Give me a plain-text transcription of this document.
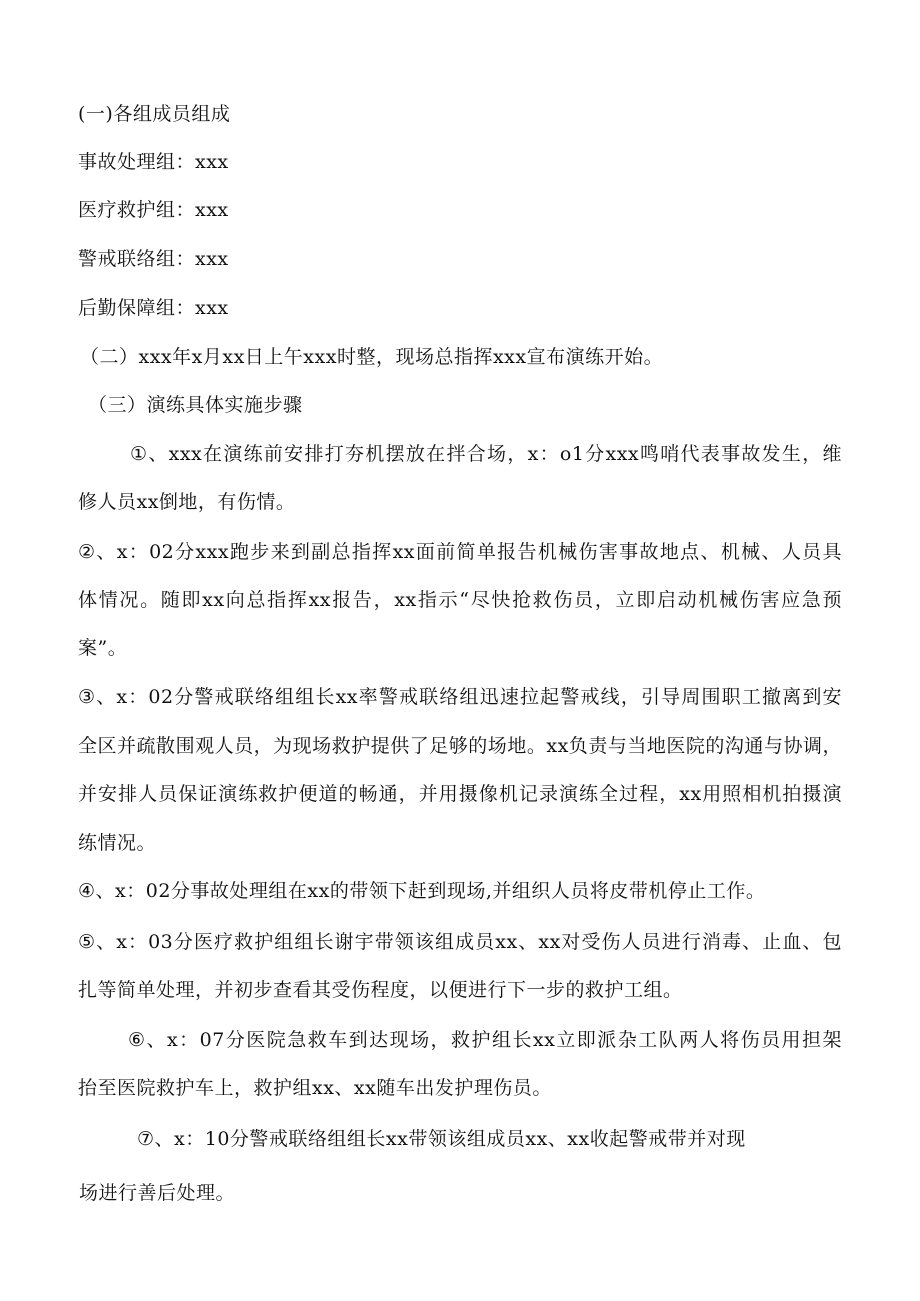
(一)各组成员组成
事故处理组：xxx
医疗救护组：xxx
警戒联络组：xxx
后勤保障组：xxx
（二）xxx年x月xx日上午xxx时整，现场总指挥xxx宣布演练开始。
（三）演练具体实施步骤
①、xxx在演练前安排打夯机摆放在拌合场，x：o1分xxx鸣哨代表事故发生，维
修人员xx倒地，有伤情。
②、x：02分xxx跑步来到副总指挥xx面前简单报告机械伤害事故地点、机械、人员具
体情况。随即xx向总指挥xx报告，xx指示“尽快抢救伤员，立即启动机械伤害应急预
案”。
③、x：02分警戒联络组组长xx率警戒联络组迅速拉起警戒线，引导周围职工撤离到安
全区并疏散围观人员，为现场救护提供了足够的场地。xx负责与当地医院的沟通与协调，
并安排人员保证演练救护便道的畅通，并用摄像机记录演练全过程，xx用照相机拍摄演
练情况。
④、x：02分事故处理组在xx的带领下赶到现场,并组织人员将皮带机停止工作。
⑤、x：03分医疗救护组组长谢宇带领该组成员xx、xx对受伤人员进行消毒、止血、包
扎等简单处理，并初步查看其受伤程度，以便进行下一步的救护工组。
⑥、x：07分医院急救车到达现场，救护组长xx立即派杂工队两人将伤员用担架
抬至医院救护车上，救护组xx、xx随车出发护理伤员。
⑦、x：10分警戒联络组组长xx带领该组成员xx、xx收起警戒带并对现
场进行善后处理。
